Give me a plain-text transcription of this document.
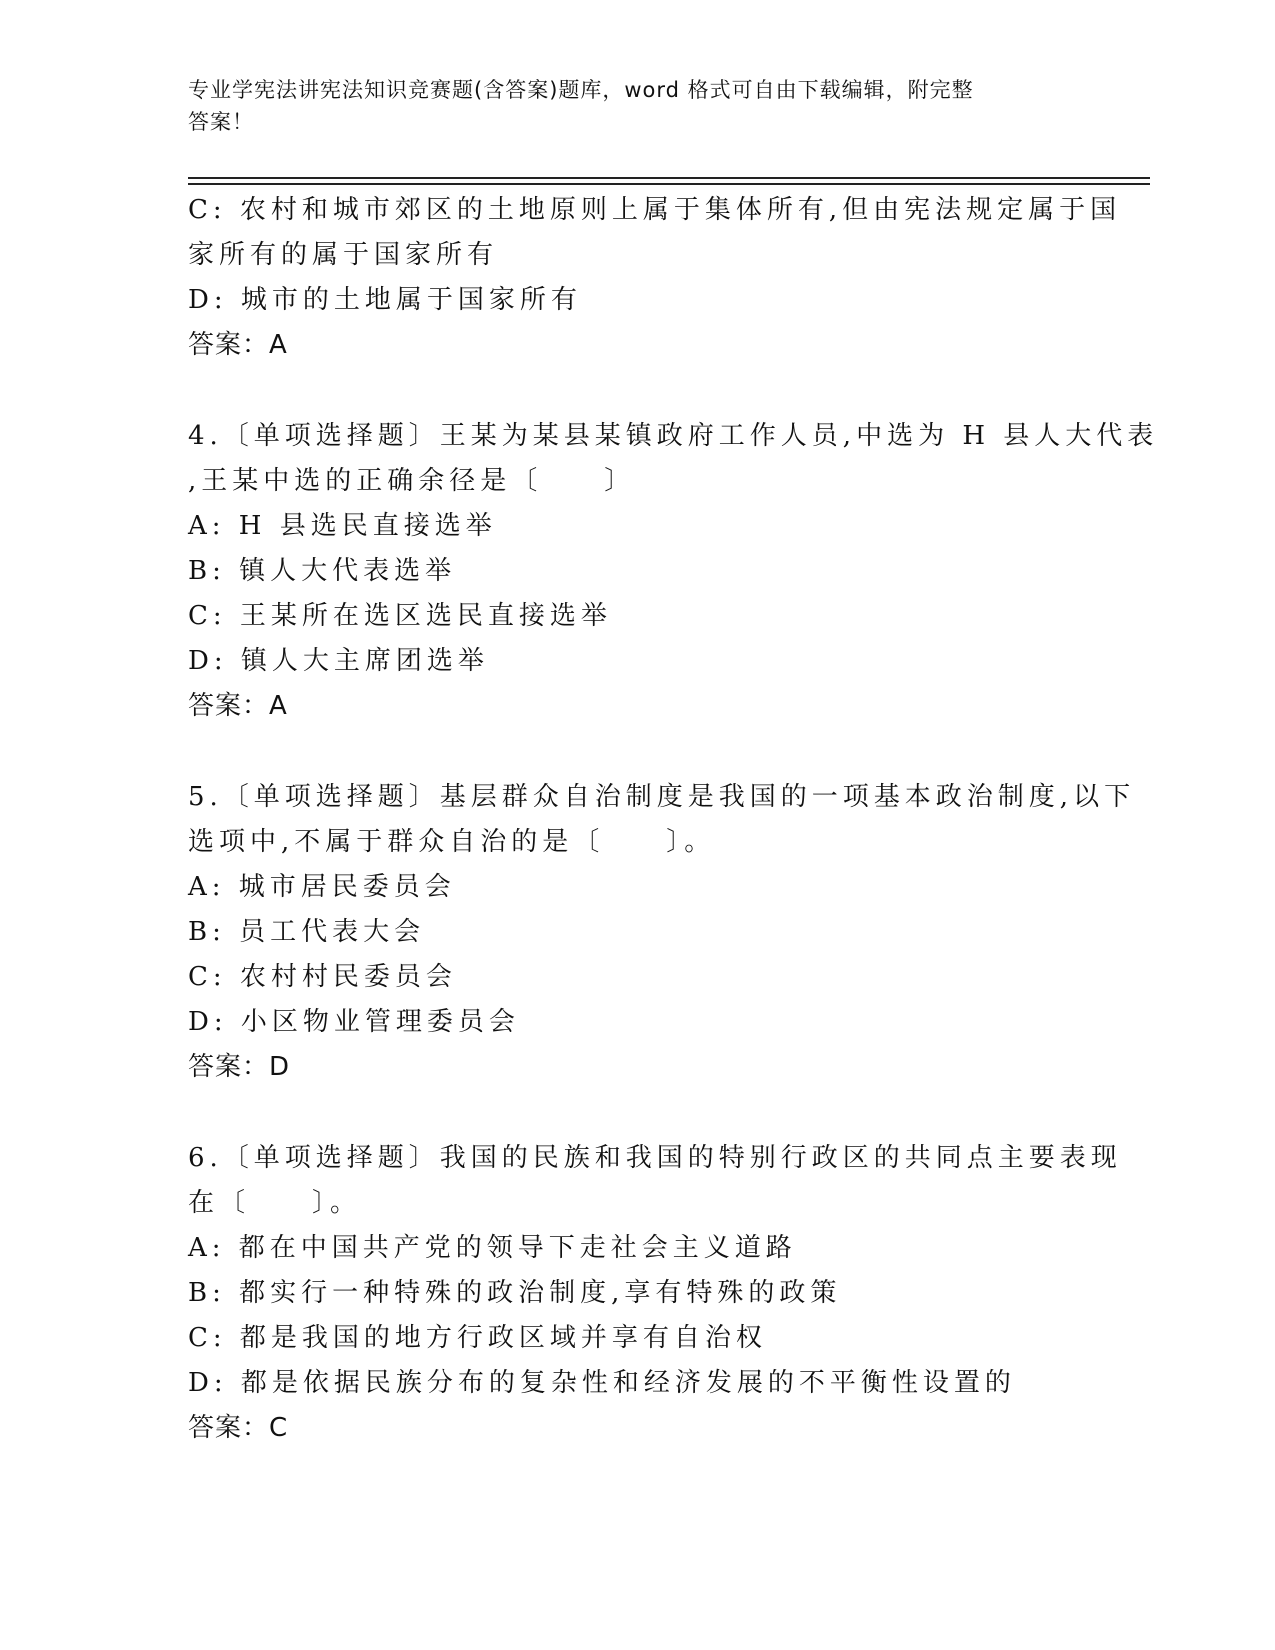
专业学宪法讲宪法知识竞赛题(含答案)题库，word 格式可自由下载编辑，附完整
答案！
C: 农村和城市郊区的土地原则上属于集体所有,但由宪法规定属于国
家所有的属于国家所有
D: 城市的土地属于国家所有
答案：A
4.〔单项选择题〕王某为某县某镇政府工作人员,中选为 H 县人大代表
,王某中选的正确余径是〔　　〕
A: H 县选民直接选举
B: 镇人大代表选举
C: 王某所在选区选民直接选举
D: 镇人大主席团选举
答案：A
5.〔单项选择题〕基层群众自治制度是我国的一项基本政治制度,以下
选项中,不属于群众自治的是〔　　〕。
A: 城市居民委员会
B: 员工代表大会
C: 农村村民委员会
D: 小区物业管理委员会
答案：D
6.〔单项选择题〕我国的民族和我国的特别行政区的共同点主要表现
在〔　　〕。
A: 都在中国共产党的领导下走社会主义道路
B: 都实行一种特殊的政治制度,享有特殊的政策
C: 都是我国的地方行政区域并享有自治权
D: 都是依据民族分布的复杂性和经济发展的不平衡性设置的
答案：C
